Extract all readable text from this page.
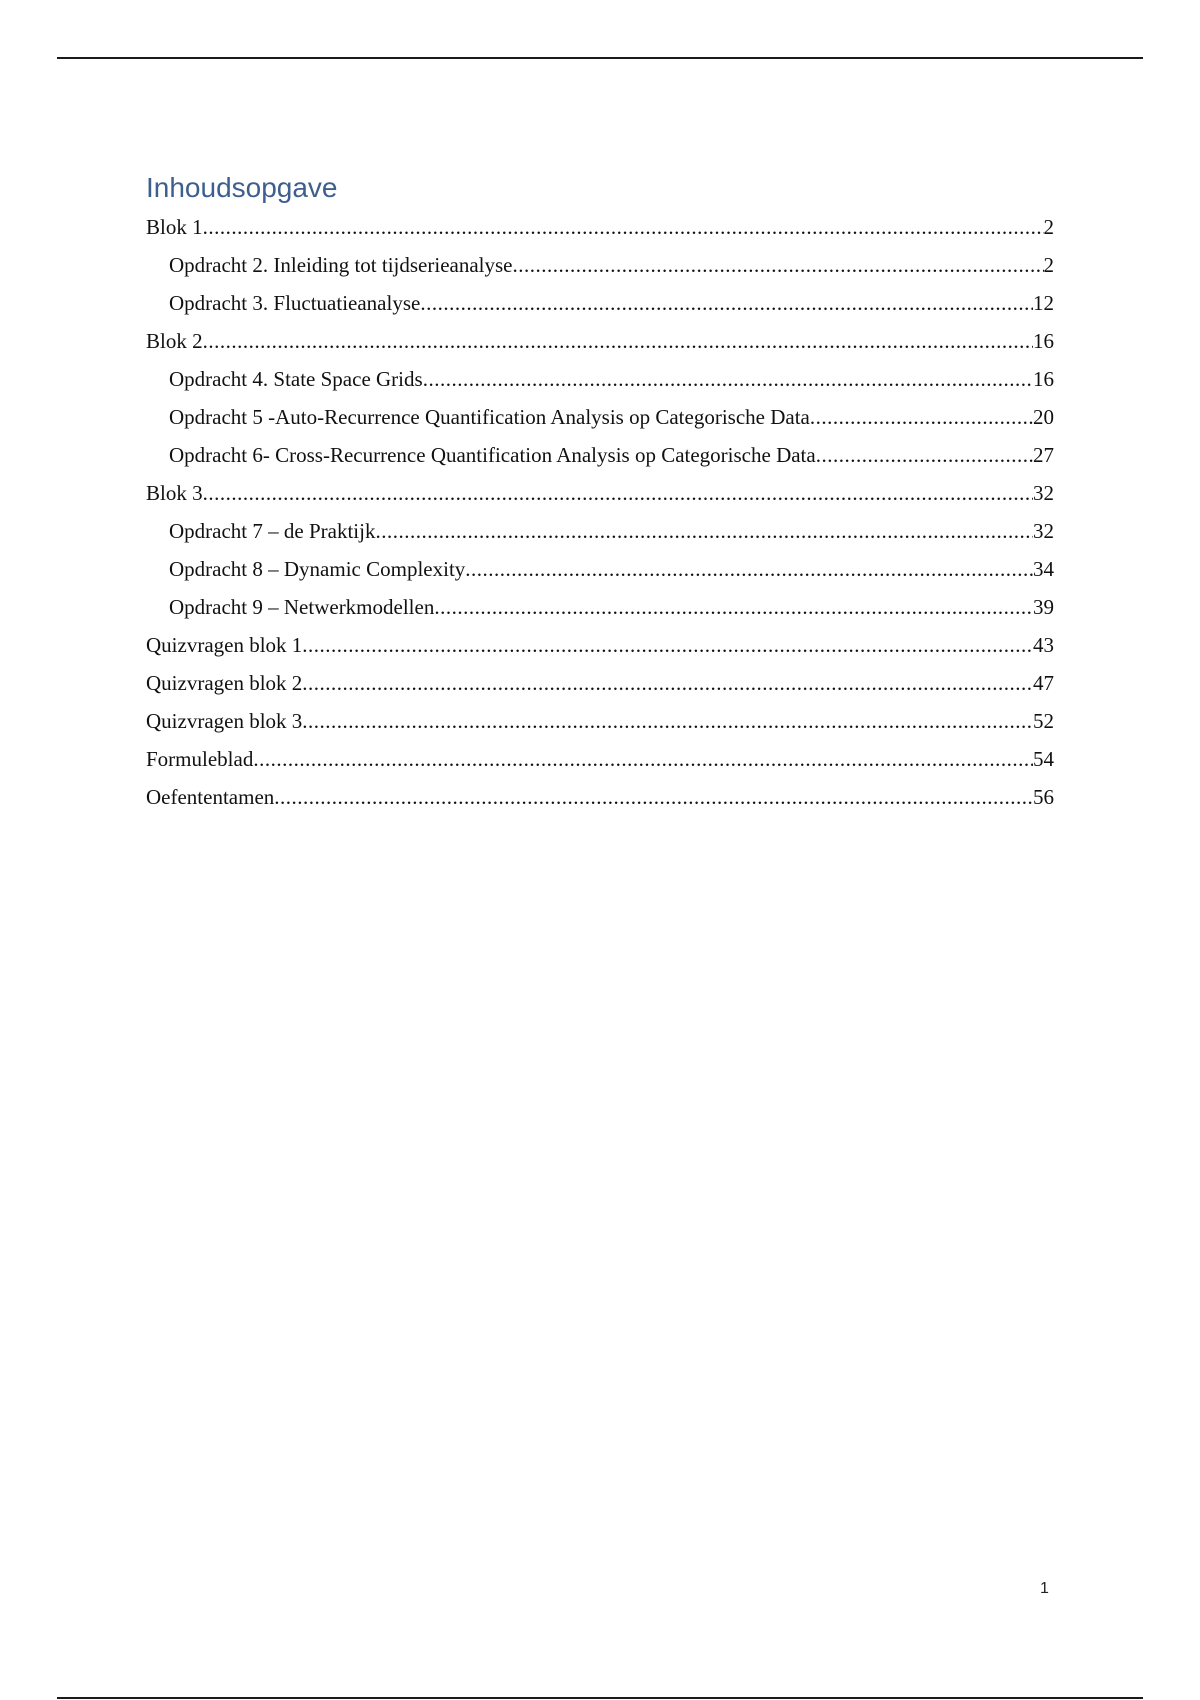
Inhoudsopgave
Blok 1 .....	2
Opdracht 2. Inleiding tot tijdserieanalyse .....	2
Opdracht 3. Fluctuatieanalyse .....	12
Blok 2 .....	16
Opdracht 4. State Space Grids .....	16
Opdracht 5 -Auto-Recurrence Quantification Analysis op Categorische Data .....	20
Opdracht 6- Cross-Recurrence Quantification Analysis op Categorische Data .....	27
Blok 3 .....	32
Opdracht 7 – de Praktijk .....	32
Opdracht 8 – Dynamic Complexity .....	34
Opdracht 9 – Netwerkmodellen .....	39
Quizvragen blok 1 .....	43
Quizvragen blok 2 .....	47
Quizvragen blok 3 .....	52
Formuleblad .....	54
Oefententamen .....	56
1
